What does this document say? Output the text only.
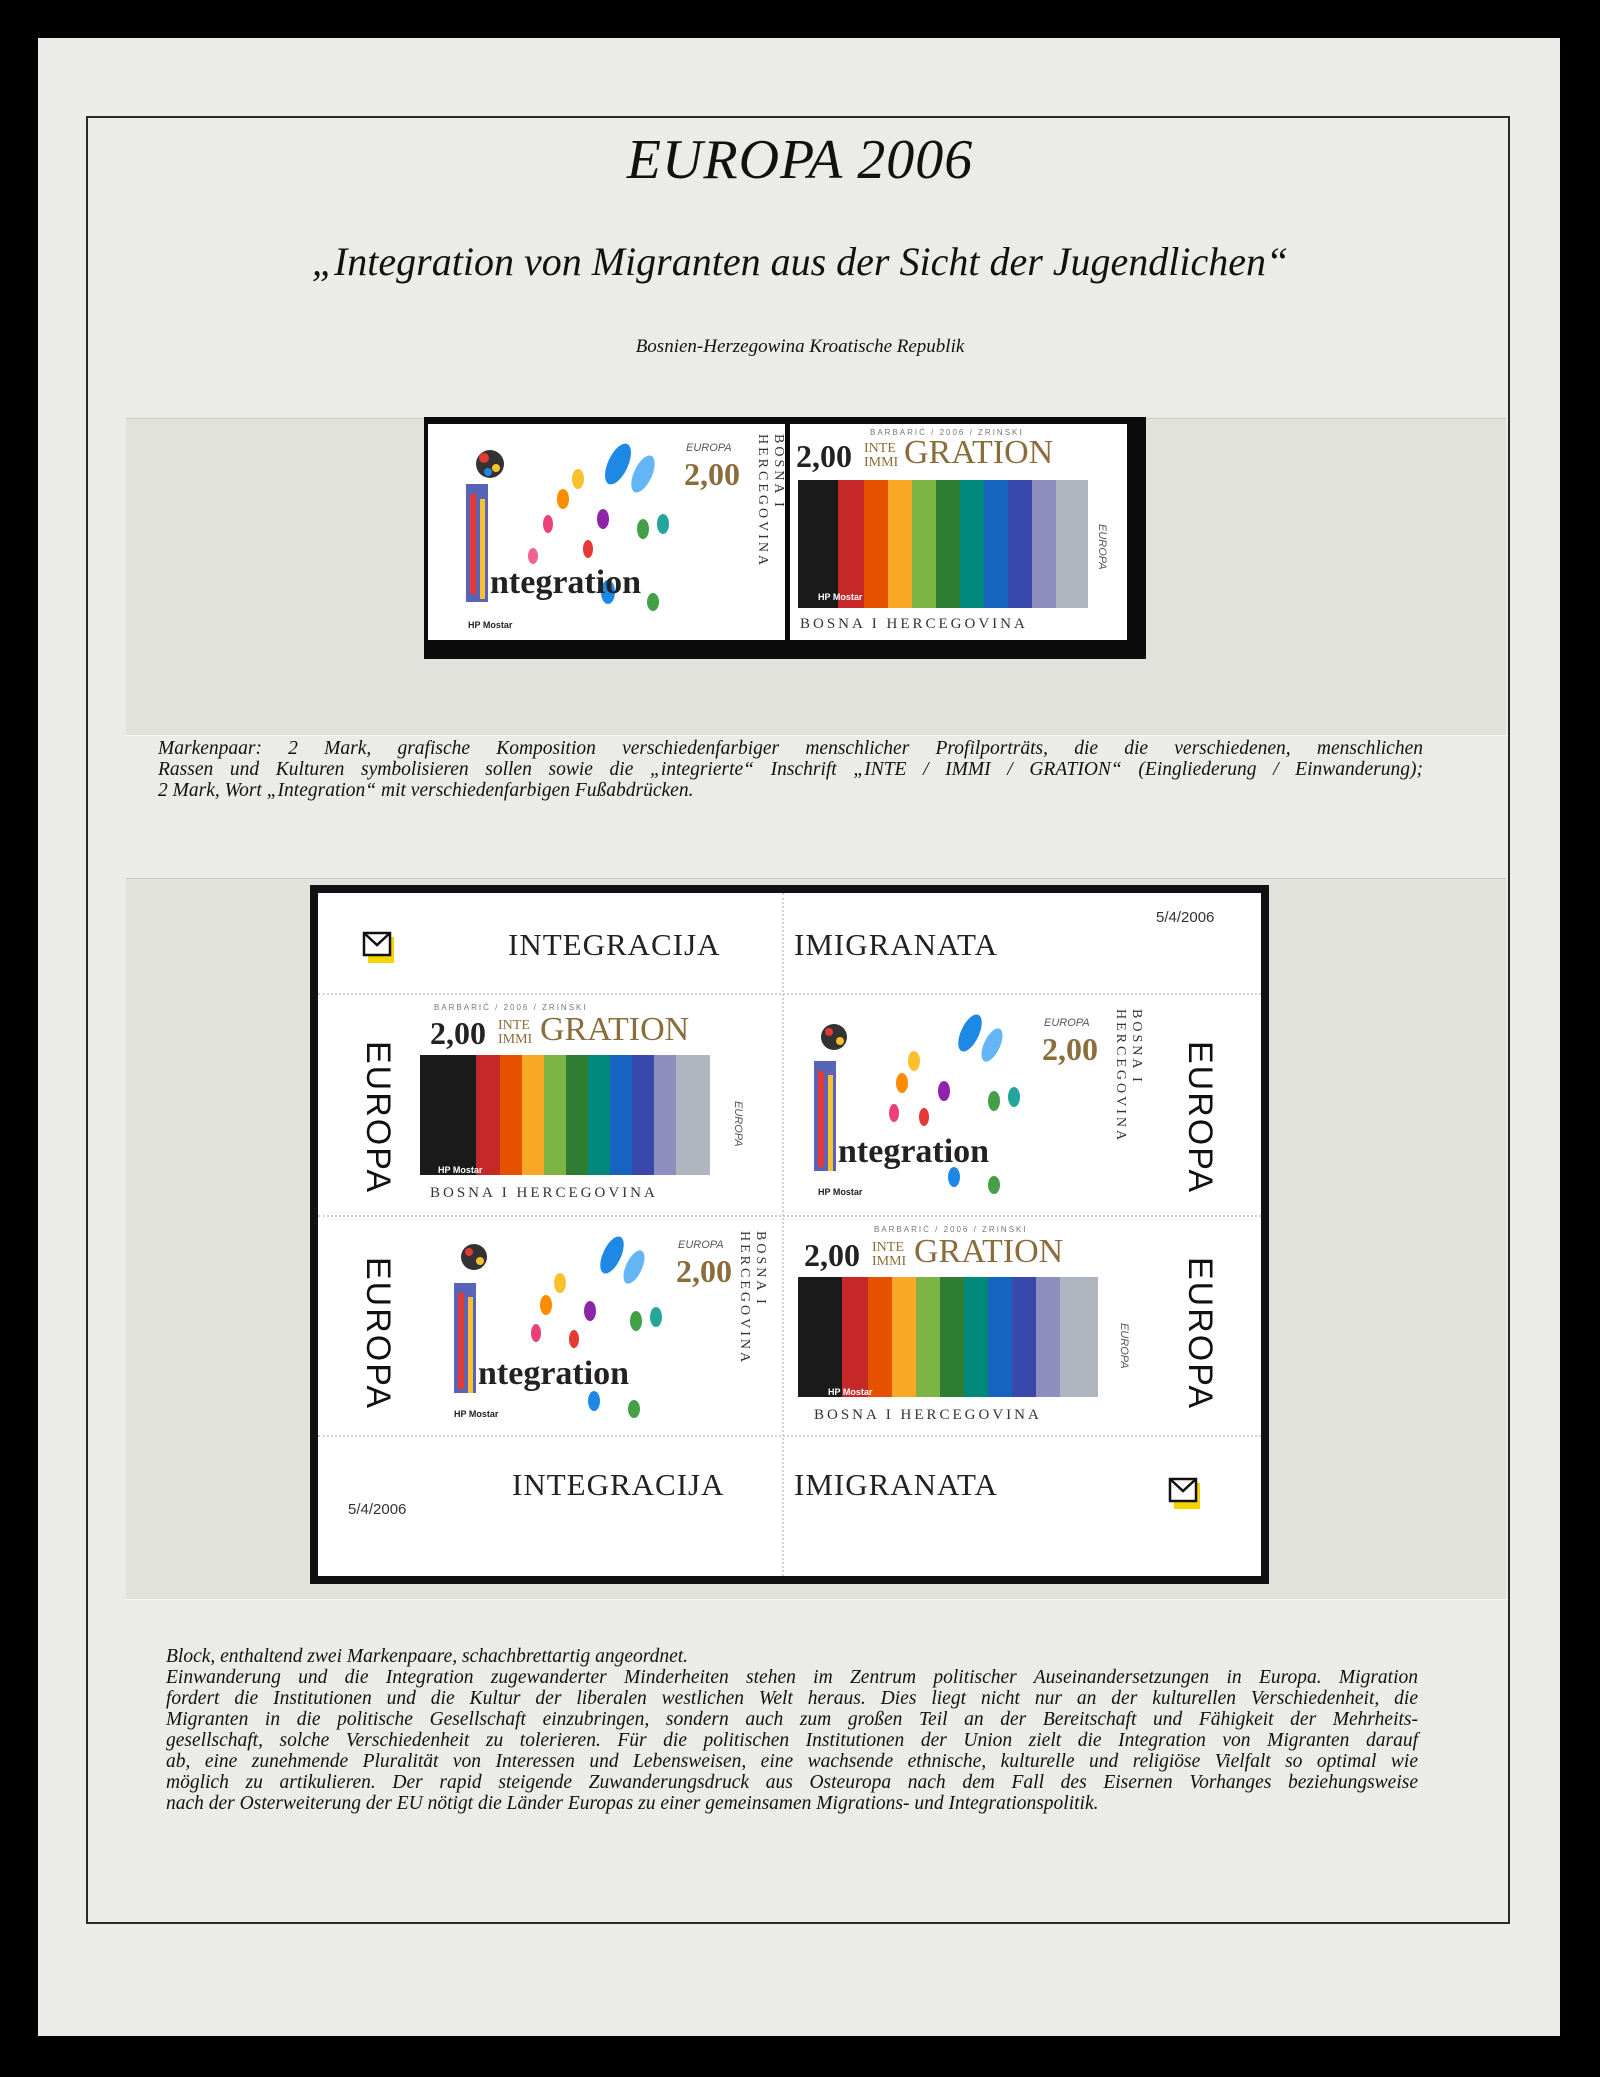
EUROPA 2006
„Integration von Migranten aus der Sicht der Jugendlichen“
Bosnien-Herzegowina Kroatische Republik
ntegration
EUROPA
2,00	BOSNA I HERCEGOVINA
HP Mostar
BARBARIĆ / 2006 / ZRINSKI
2,00 INTE
IMMI GRATION
EUROPA
HP Mostar
BOSNA I HERCEGOVINA

Markenpaar: 2 Mark, grafische Komposition verschiedenfarbiger menschlicher Profilporträts, die die verschiedenen, menschlichen
Rassen und Kulturen symbolisieren sollen sowie die „integrierte“ Inschrift „INTE / IMMI / GRATION“ (Eingliederung / Einwanderung);
2 Mark, Wort „Integration“ mit verschiedenfarbigen Fußabdrücken.

INTEGRACIJA IMIGRANATA
5/4/2006
EUROPA
EUROPA
EUROPA
EUROPA
BARBARIĆ / 2006 / ZRINSKI
2,00 INTE
IMMI GRATION
EUROPA
HP Mostar
BOSNA I HERCEGOVINA
ntegration
EUROPA
2,00	BOSNA I HERCEGOVINA
HP Mostar
ntegration
EUROPA
2,00	BOSNA I HERCEGOVINA
HP Mostar
BARBARIĆ / 2006 / ZRINSKI
2,00 INTE
IMMI GRATION
EUROPA
HP Mostar
BOSNA I HERCEGOVINA
5/4/2006
INTEGRACIJA IMIGRANATA

Block, enthaltend zwei Markenpaare, schachbrettartig angeordnet.
Einwanderung und die Integration zugewanderter Minderheiten stehen im Zentrum politischer Auseinandersetzungen in Europa. Migration
fordert die Institutionen und die Kultur der liberalen westlichen Welt heraus. Dies liegt nicht nur an der kulturellen Verschiedenheit, die
Migranten in die politische Gesellschaft einzubringen, sondern auch zum großen Teil an der Bereitschaft und Fähigkeit der Mehrheits-
gesellschaft, solche Verschiedenheit zu tolerieren. Für die politischen Institutionen der Union zielt die Integration von Migranten darauf
ab, eine zunehmende Pluralität von Interessen und Lebensweisen, eine wachsende ethnische, kulturelle und religiöse Vielfalt so optimal wie
möglich zu artikulieren. Der rapid steigende Zuwanderungsdruck aus Osteuropa nach dem Fall des Eisernen Vorhanges beziehungsweise
nach der Osterweiterung der EU nötigt die Länder Europas zu einer gemeinsamen Migrations- und Integrationspolitik.
